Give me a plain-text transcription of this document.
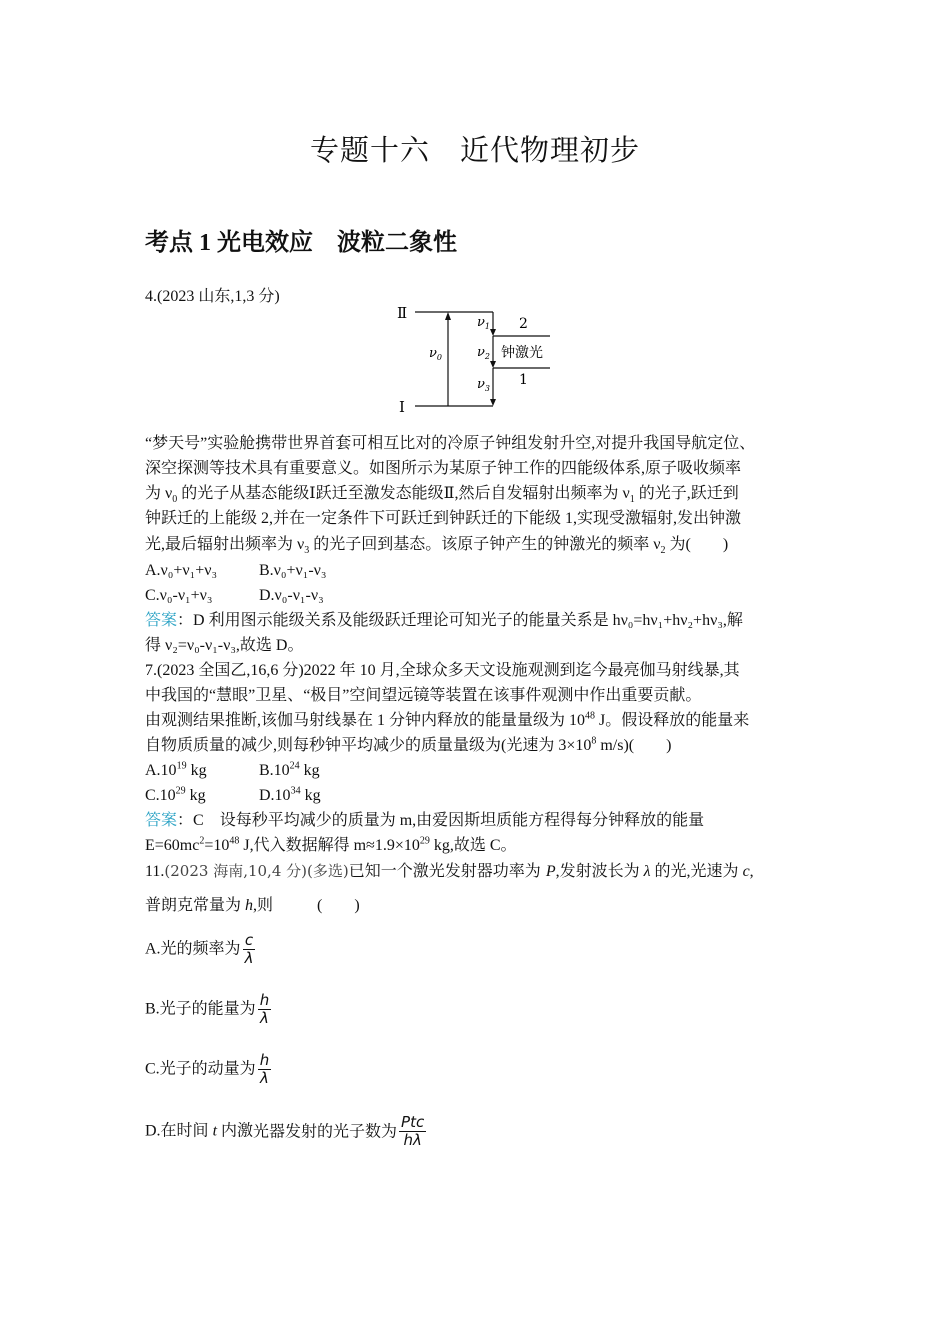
专题十六　近代物理初步
考点 1 光电效应　波粒二象性
4.(2023 山东,1,3 分)
Ⅱ
Ⅰ
$\nu_0$
$\nu_1$
$\nu_2$
$\nu_3$
2
1
钟激光
“梦天号”实验舱携带世界首套可相互比对的冷原子钟组发射升空,对提升我国导航定位、
深空探测等技术具有重要意义。如图所示为某原子钟工作的四能级体系,原子吸收频率
为 $\nu_0$ 的光子从基态能级Ⅰ跃迁至激发态能级Ⅱ,然后自发辐射出频率为 $\nu_1$ 的光子,跃迁到
钟跃迁的上能级 2,并在一定条件下可跃迁到钟跃迁的下能级 1,实现受激辐射,发出钟激
光,最后辐射出频率为 $\nu_3$ 的光子回到基态。该原子钟产生的钟激光的频率 $\nu_2$ 为(　　)
A.ν₀+ν₁+ν₃	B.ν₀+ν₁-ν₃
C.ν₀-ν₁+ν₃	D.ν₀-ν₁-ν₃
答案：D 利用图示能级关系及能级跃迁理论可知光子的能量关系是 hν₀=hν₁+hν₂+hν₃,解
得 ν₂=ν₀-ν₁-ν₃,故选 D。
7.(2023 全国乙,16,6 分)2022 年 10 月,全球众多天文设施观测到迄今最亮伽马射线暴,其
中我国的“慧眼”卫星、“极目”空间望远镜等装置在该事件观测中作出重要贡献。
由观测结果推断,该伽马射线暴在 1 分钟内释放的能量量级为 $10^{48}$ J。假设释放的能量来
自物质质量的减少,则每秒钟平均减少的质量量级为(光速为 $3\times 10^8$ m/s)(　　)
$A.10^{19}$ kg	$B.10^{24}$ kg
$C.10^{29}$ kg	$D.10^{34}$ kg
答案：C　设每秒平均减少的质量为 m,由爱因斯坦质能方程得每分钟释放的能量
$E=60mc^2=10^{48}$ J,代入数据解得 $m\approx 1.9\times 10^{29}$ kg,故选 C。
11.(2023 海南,10,4 分)(多选)已知一个激光发射器功率为 P,发射波长为 λ 的光,光速为 c,
普朗克常量为 h,则	(　　)
A.光的频率为 $\frac{c}{\lambda}$
B.光子的能量为 $\frac{h}{\lambda}$
C.光子的动量为 $\frac{h}{\lambda}$
D.在时间 t 内激光器发射的光子数为 $\frac{\text{Ptc}}{h\lambda}$
